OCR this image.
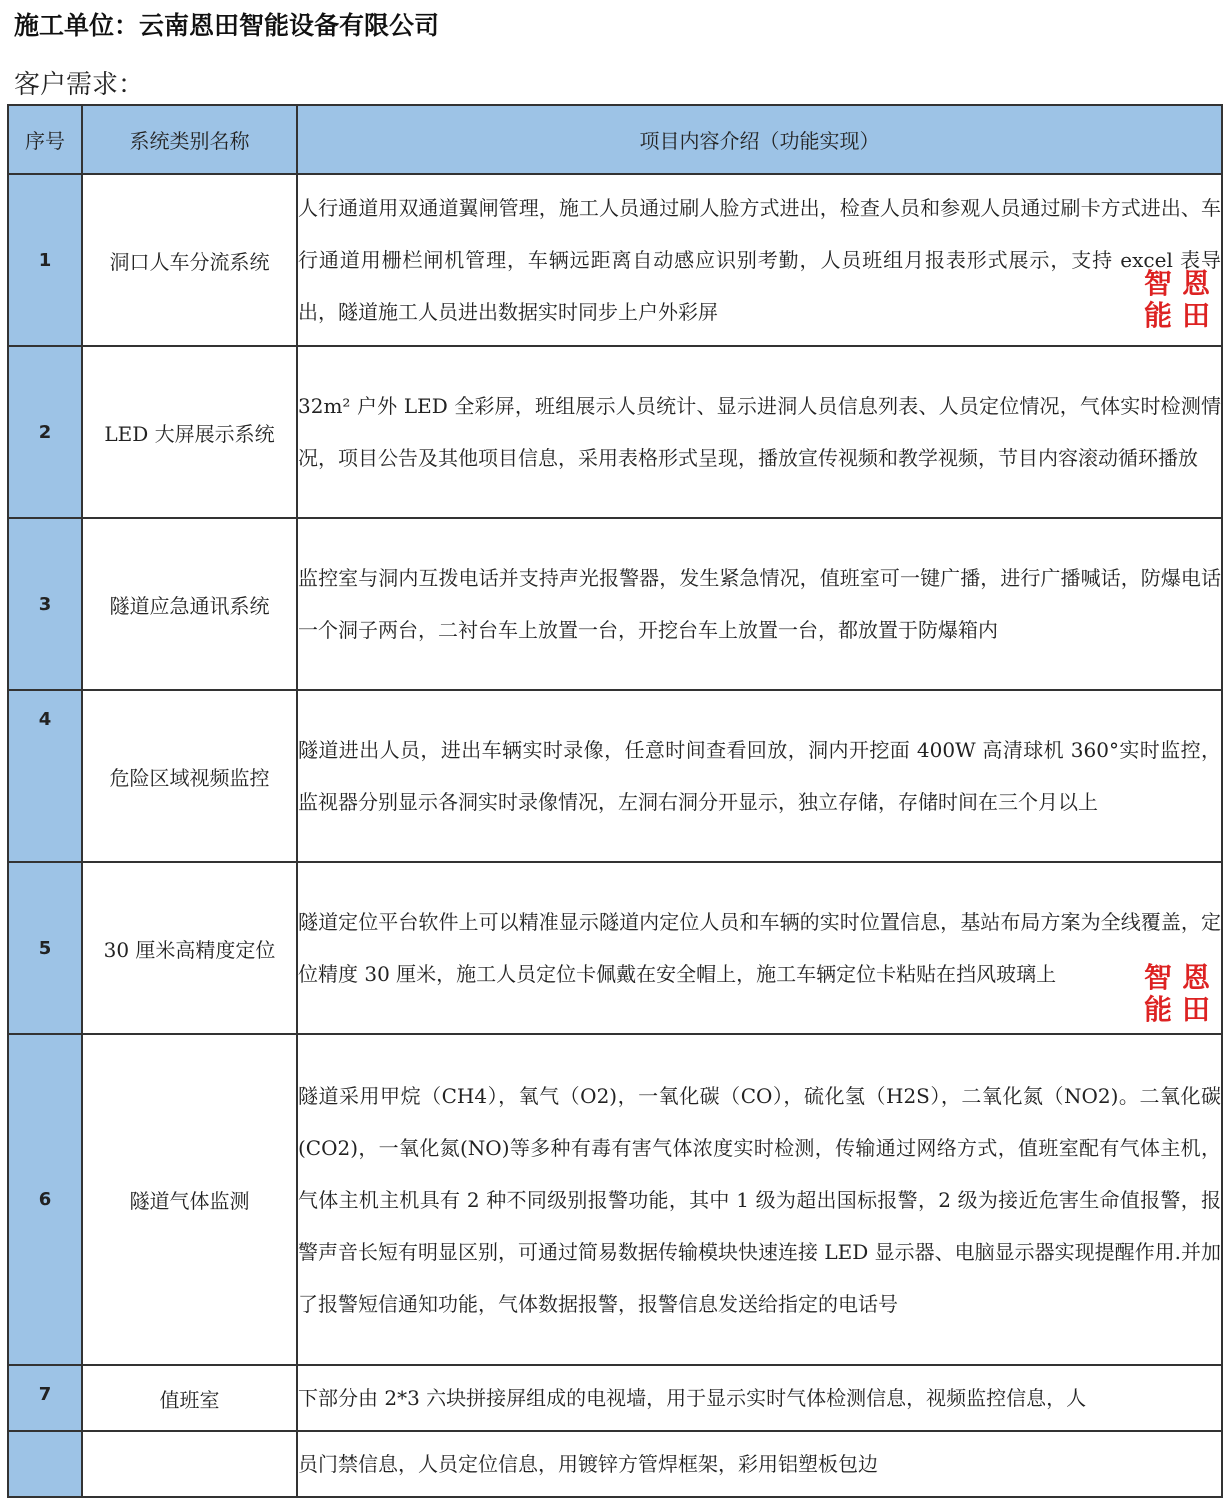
施工单位：云南恩田智能设备有限公司
客户需求：
序号	系统类别名称	项目内容介绍（功能实现）
1	洞口人车分流系统	人行通道用双通道翼闸管理，施工人员通过刷人脸方式进出，检查人员和参观人员通过刷卡方式进出、车行通道用栅栏闸机管理，车辆远距离自动感应识别考勤，人员班组月报表形式展示，支持 excel 表导出，隧道施工人员进出数据实时同步上户外彩屏
智 恩
能 田

2	LED 大屏展示系统	32m² 户外 LED 全彩屏，班组展示人员统计、显示进洞人员信息列表、人员定位情况，气体实时检测情况，项目公告及其他项目信息，采用表格形式呈现，播放宣传视频和教学视频，节目内容滚动循环播放

3	隧道应急通讯系统	监控室与洞内互拨电话并支持声光报警器，发生紧急情况，值班室可一键广播，进行广播喊话，防爆电话一个洞子两台，二衬台车上放置一台，开挖台车上放置一台，都放置于防爆箱内

4	危险区域视频监控	隧道进出人员，进出车辆实时录像，任意时间查看回放，洞内开挖面 400W 高清球机 360°实时监控，监视器分别显示各洞实时录像情况，左洞右洞分开显示，独立存储，存储时间在三个月以上

5	30 厘米高精度定位	隧道定位平台软件上可以精准显示隧道内定位人员和车辆的实时位置信息，基站布局方案为全线覆盖，定位精度 30 厘米，施工人员定位卡佩戴在安全帽上，施工车辆定位卡粘贴在挡风玻璃上 智 恩
能 田

6	隧道气体监测	隧道采用甲烷（CH4），氧气（O2)，一氧化碳（CO），硫化氢（H2S），二氧化氮（NO2)。二氧化碳(CO2)，一氧化氮(NO)等多种有毒有害气体浓度实时检测，传输通过网络方式，值班室配有气体主机，气体主机主机具有 2 种不同级别报警功能，其中 1 级为超出国标报警，2 级为接近危害生命值报警，报警声音长短有明显区别，可通过简易数据传输模块快速连接 LED 显示器、电脑显示器实现提醒作用.并加了报警短信通知功能，气体数据报警，报警信息发送给指定的电话号

7	值班室	下部分由 2*3 六块拼接屏组成的电视墙，用于显示实时气体检测信息，视频监控信息，人

		员门禁信息，人员定位信息，用镀锌方管焊框架，彩用铝塑板包边
